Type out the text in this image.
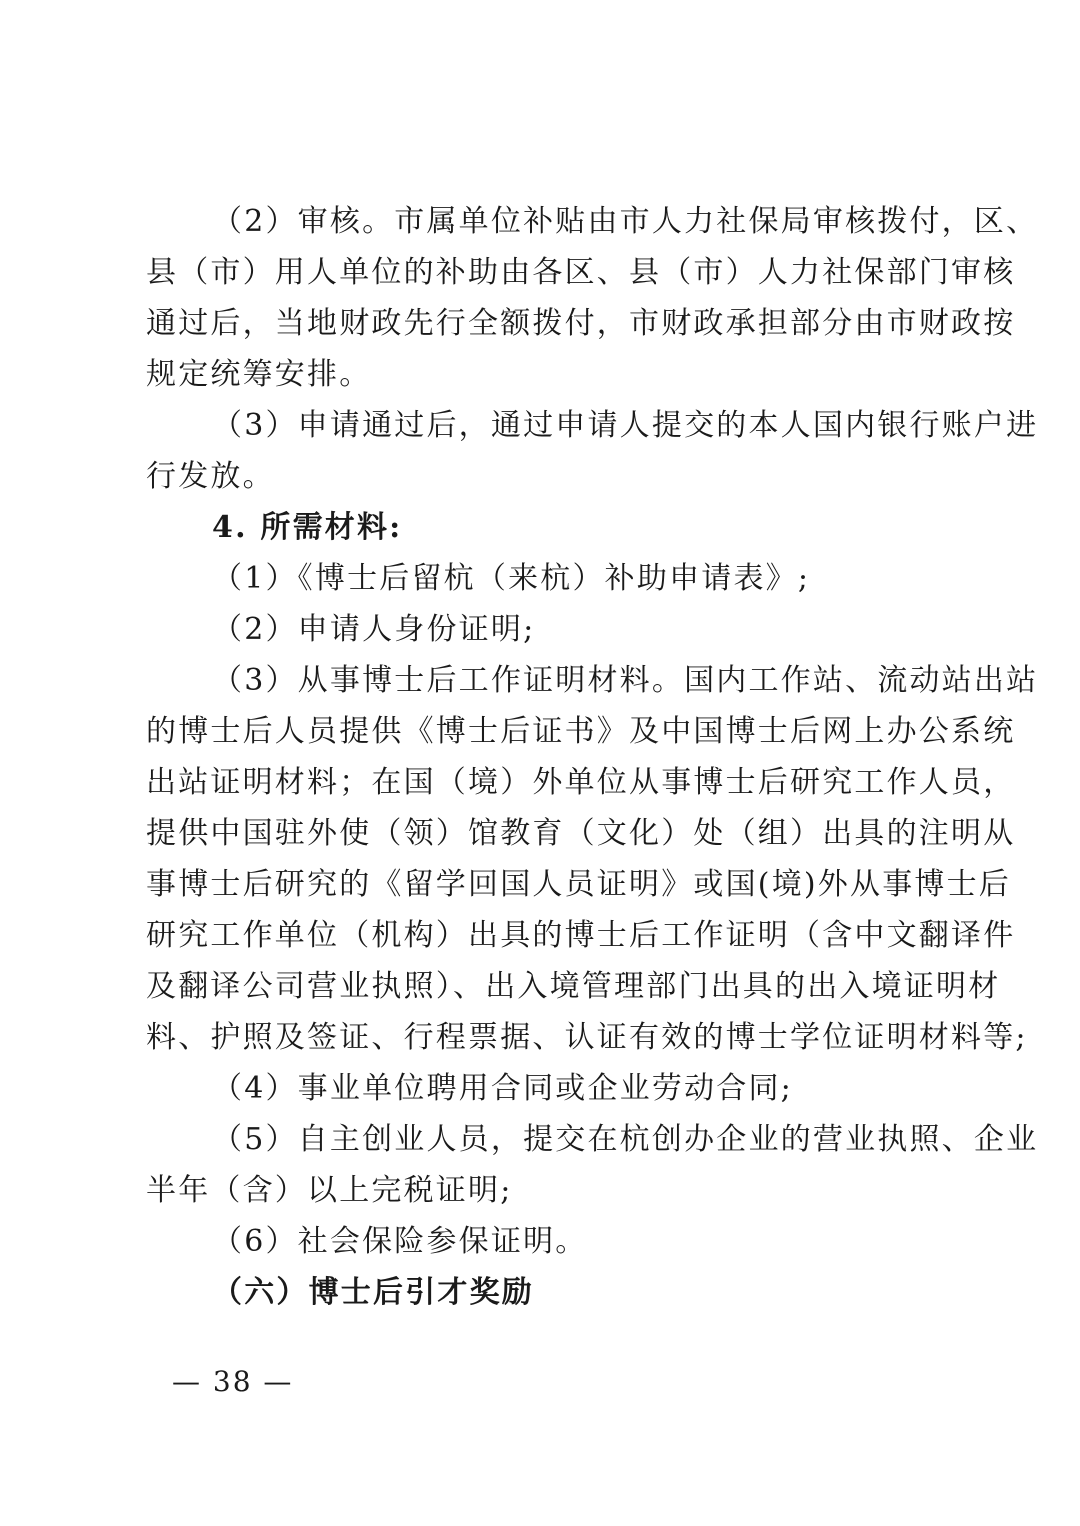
（2）审核。市属单位补贴由市人力社保局审核拨付，区、
县（市）用人单位的补助由各区、县（市）人力社保部门审核
通过后，当地财政先行全额拨付，市财政承担部分由市财政按
规定统筹安排。
（3）申请通过后，通过申请人提交的本人国内银行账户进
行发放。
4. 所需材料:
（1）《博士后留杭（来杭）补助申请表》;
（2）申请人身份证明;
（3）从事博士后工作证明材料。国内工作站、流动站出站
的博士后人员提供《博士后证书》及中国博士后网上办公系统
出站证明材料；在国（境）外单位从事博士后研究工作人员，
提供中国驻外使（领）馆教育（文化）处（组）出具的注明从
事博士后研究的《留学回国人员证明》或国(境)外从事博士后
研究工作单位（机构）出具的博士后工作证明（含中文翻译件
及翻译公司营业执照）、出入境管理部门出具的出入境证明材
料、护照及签证、行程票据、认证有效的博士学位证明材料等;
（4）事业单位聘用合同或企业劳动合同;
（5）自主创业人员，提交在杭创办企业的营业执照、企业
半年（含）以上完税证明;
（6）社会保险参保证明。
（六）博士后引才奖励
— 38 —
